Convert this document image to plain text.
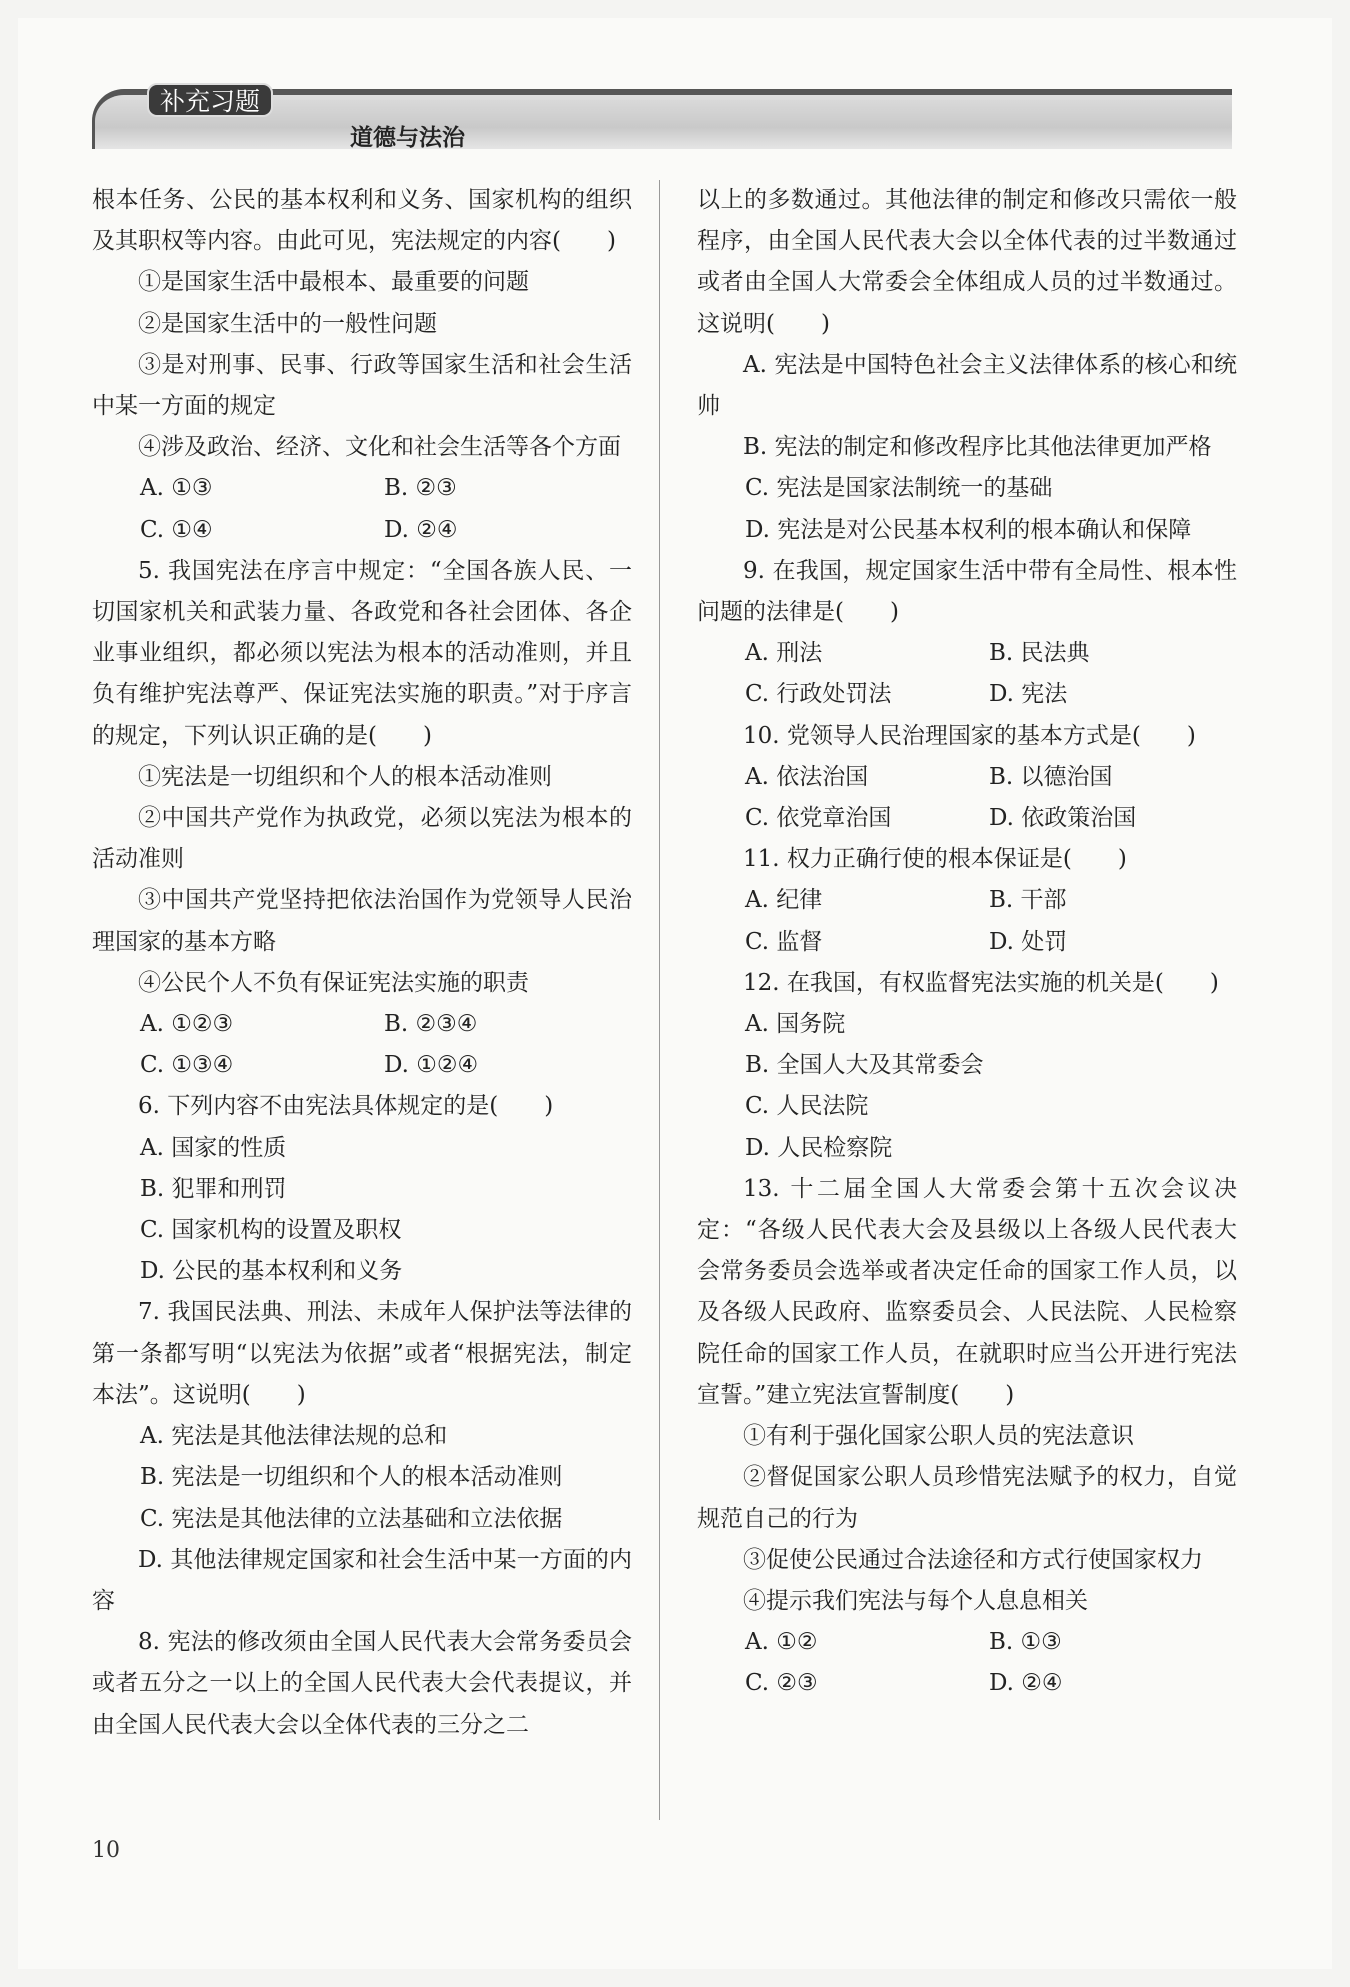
补充习题
道德与法治

根本任务、公民的基本权利和义务、国家机构的组织及其职权等内容。由此可见，宪法规定的内容(　　)

①是国家生活中最根本、最重要的问题

②是国家生活中的一般性问题

③是对刑事、民事、行政等国家生活和社会生活中某一方面的规定

④涉及政治、经济、文化和社会生活等各个方面

A. ①③	B. ②③
C. ①④	D. ②④

5. 我国宪法在序言中规定：“全国各族人民、一切国家机关和武装力量、各政党和各社会团体、各企业事业组织，都必须以宪法为根本的活动准则，并且负有维护宪法尊严、保证宪法实施的职责。”对于序言的规定，下列认识正确的是(　　)

①宪法是一切组织和个人的根本活动准则

②中国共产党作为执政党，必须以宪法为根本的活动准则

③中国共产党坚持把依法治国作为党领导人民治理国家的基本方略

④公民个人不负有保证宪法实施的职责

A. ①②③	B. ②③④
C. ①③④	D. ①②④

6. 下列内容不由宪法具体规定的是(　　)

A. 国家的性质

B. 犯罪和刑罚

C. 国家机构的设置及职权

D. 公民的基本权利和义务

7. 我国民法典、刑法、未成年人保护法等法律的第一条都写明“以宪法为依据”或者“根据宪法，制定本法”。这说明(　　)

A. 宪法是其他法律法规的总和

B. 宪法是一切组织和个人的根本活动准则

C. 宪法是其他法律的立法基础和立法依据

D. 其他法律规定国家和社会生活中某一方面的内容

8. 宪法的修改须由全国人民代表大会常务委员会或者五分之一以上的全国人民代表大会代表提议，并由全国人民代表大会以全体代表的三分之二

以上的多数通过。其他法律的制定和修改只需依一般程序，由全国人民代表大会以全体代表的过半数通过或者由全国人大常委会全体组成人员的过半数通过。这说明(　　)

A. 宪法是中国特色社会主义法律体系的核心和统帅

B. 宪法的制定和修改程序比其他法律更加严格

C. 宪法是国家法制统一的基础

D. 宪法是对公民基本权利的根本确认和保障

9. 在我国，规定国家生活中带有全局性、根本性问题的法律是(　　)

A. 刑法	B. 民法典
C. 行政处罚法	D. 宪法

10. 党领导人民治理国家的基本方式是(　　)

A. 依法治国	B. 以德治国
C. 依党章治国	D. 依政策治国

11. 权力正确行使的根本保证是(　　)

A. 纪律	B. 干部
C. 监督	D. 处罚

12. 在我国，有权监督宪法实施的机关是(　　)

A. 国务院

B. 全国人大及其常委会

C. 人民法院

D. 人民检察院

13. 十二届全国人大常委会第十五次会议决定：“各级人民代表大会及县级以上各级人民代表大会常务委员会选举或者决定任命的国家工作人员，以及各级人民政府、监察委员会、人民法院、人民检察院任命的国家工作人员，在就职时应当公开进行宪法宣誓。”建立宪法宣誓制度(　　)

①有利于强化国家公职人员的宪法意识

②督促国家公职人员珍惜宪法赋予的权力，自觉规范自己的行为

③促使公民通过合法途径和方式行使国家权力

④提示我们宪法与每个人息息相关

A. ①②	B. ①③
C. ②③	D. ②④
10
